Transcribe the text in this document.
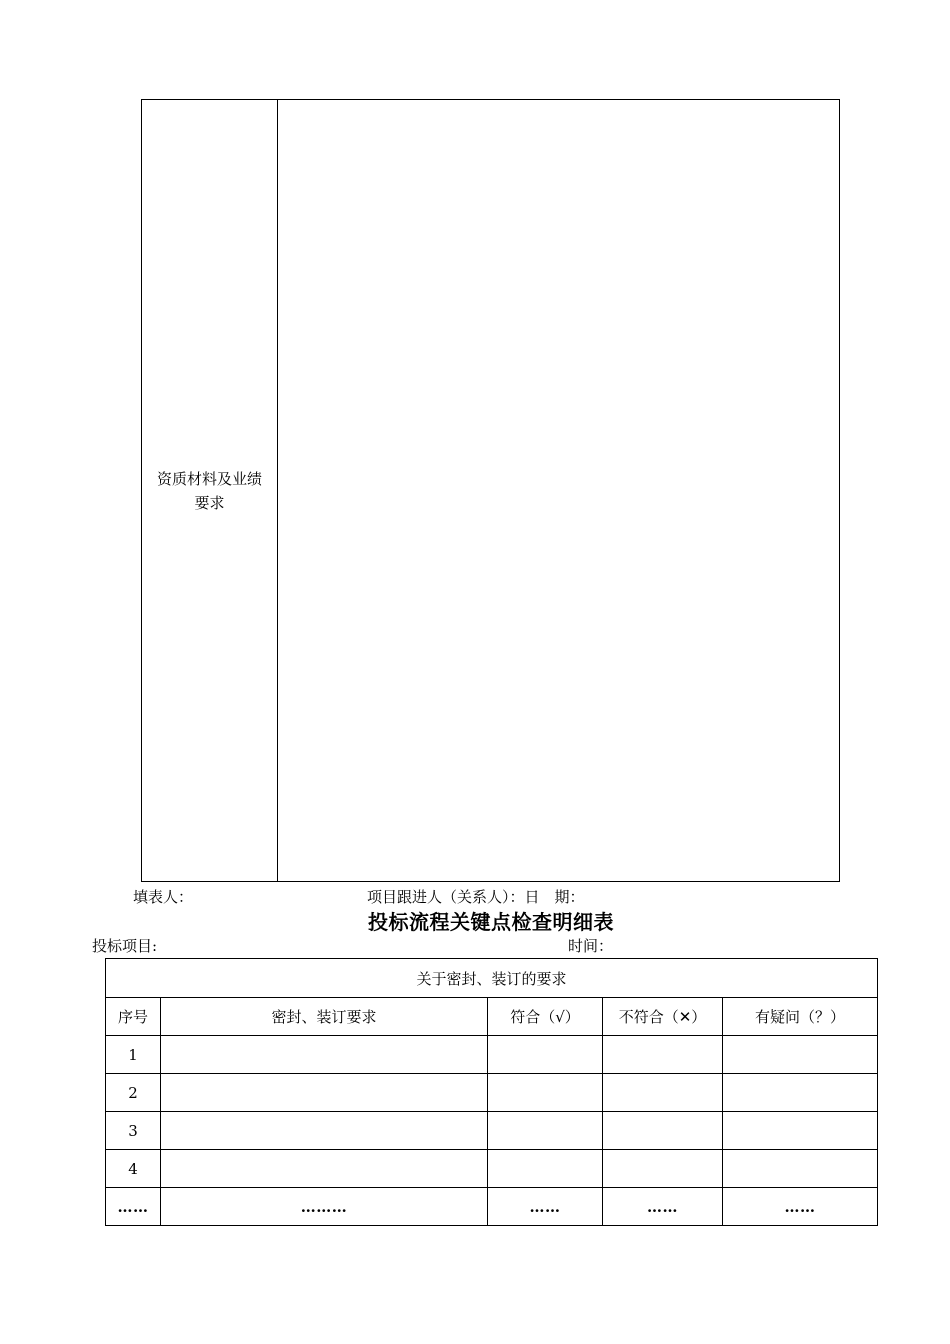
资质材料及业绩
要求
填表人：	项目跟进人（关系人）：日　期：
投标流程关键点检查明细表
投标项目:	时间：
关于密封、装订的要求				
序号	密封、装订要求	符合（√）	不符合（✕）	有疑问（？）
1				
2				
3				
4				
……	………	……	……	……
